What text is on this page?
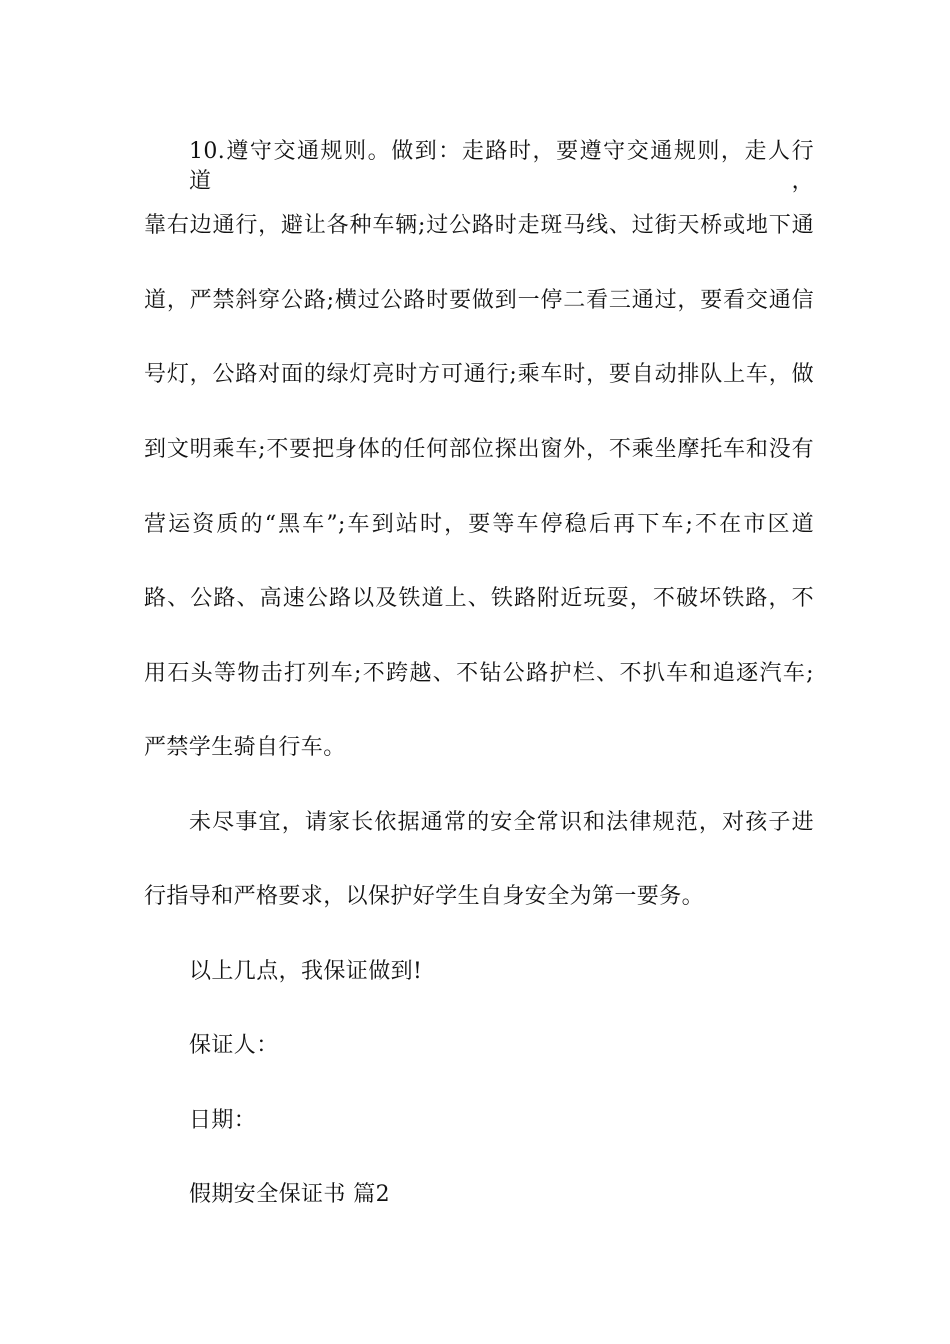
10.遵守交通规则。做到：走路时，要遵守交通规则，走人行道，
靠右边通行，避让各种车辆;过公路时走斑马线、过街天桥或地下通
道，严禁斜穿公路;横过公路时要做到一停二看三通过，要看交通信
号灯，公路对面的绿灯亮时方可通行;乘车时，要自动排队上车，做
到文明乘车;不要把身体的任何部位探出窗外，不乘坐摩托车和没有
营运资质的“黑车”;车到站时，要等车停稳后再下车;不在市区道
路、公路、高速公路以及铁道上、铁路附近玩耍，不破坏铁路，不
用石头等物击打列车;不跨越、不钻公路护栏、不扒车和追逐汽车;
严禁学生骑自行车。
未尽事宜，请家长依据通常的安全常识和法律规范，对孩子进
行指导和严格要求，以保护好学生自身安全为第一要务。
以上几点，我保证做到!
保证人：
日期：
假期安全保证书 篇2
